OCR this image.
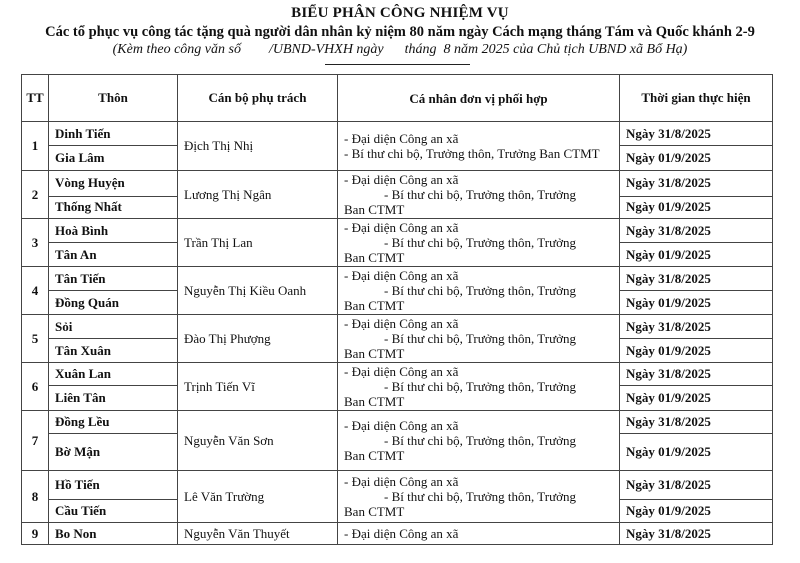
BIỂU PHÂN CÔNG NHIỆM VỤ
Các tổ phục vụ công tác tặng quà người dân nhân kỷ niệm 80 năm ngày Cách mạng tháng Tám và Quốc khánh 2-9
(Kèm theo công văn số        /UBND-VHXH ngày      tháng  8 năm 2025 của Chủ tịch UBND xã Bổ Hạ)
TT	Thôn	Cán bộ phụ trách	Cá nhân đơn vị phối hợp	Thời gian thực hiện
1	Dinh Tiến	Địch Thị Nhị	- Đại diện Công an xã
- Bí thư chi bộ, Trưởng thôn, Trưởng Ban CTMT	Ngày 31/8/2025
	Gia Lâm			Ngày 01/9/2025
2	Vòng Huyện	Lương Thị Ngân	- Đại diện Công an xã
- Bí thư chi bộ, Trưởng thôn, Trưởng
Ban CTMT	Ngày 31/8/2025
	Thống Nhất			Ngày 01/9/2025
3	Hoà Bình	Trần Thị Lan	- Đại diện Công an xã
- Bí thư chi bộ, Trưởng thôn, Trưởng
Ban CTMT	Ngày 31/8/2025
	Tân An			Ngày 01/9/2025
4	Tân Tiến	Nguyễn Thị Kiều Oanh	- Đại diện Công an xã
- Bí thư chi bộ, Trưởng thôn, Trưởng
Ban CTMT	Ngày 31/8/2025
	Đồng Quán			Ngày 01/9/2025
5	Sỏi	Đào Thị Phượng	- Đại diện Công an xã
- Bí thư chi bộ, Trưởng thôn, Trưởng
Ban CTMT	Ngày 31/8/2025
	Tân Xuân			Ngày 01/9/2025
6	Xuân Lan	Trịnh Tiến Vĩ	- Đại diện Công an xã
- Bí thư chi bộ, Trưởng thôn, Trưởng
Ban CTMT	Ngày 31/8/2025
	Liên Tân			Ngày 01/9/2025
7	Đồng Lều	Nguyễn Văn Sơn	- Đại diện Công an xã
- Bí thư chi bộ, Trưởng thôn, Trưởng
Ban CTMT	Ngày 31/8/2025
	Bờ Mận			Ngày 01/9/2025
8	Hồ Tiến	Lê Văn Trường	- Đại diện Công an xã
- Bí thư chi bộ, Trưởng thôn, Trưởng
Ban CTMT	Ngày 31/8/2025
	Cầu Tiến			Ngày 01/9/2025
9	Bo Non	Nguyễn Văn Thuyết	- Đại diện Công an xã	Ngày 31/8/2025
